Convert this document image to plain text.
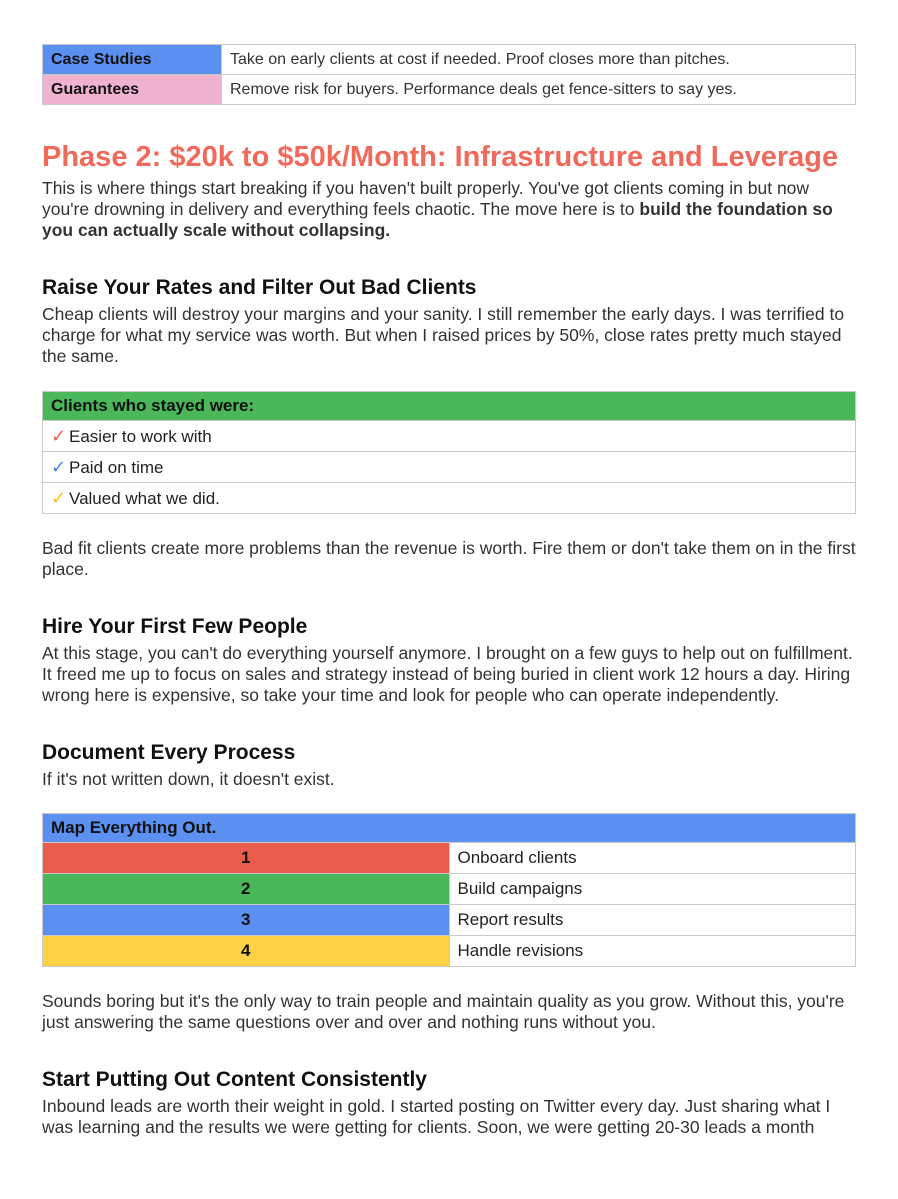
Case Studies	Take on early clients at cost if needed. Proof closes more than pitches.
Guarantees	Remove risk for buyers. Performance deals get fence-sitters to say yes.
Phase 2: $20k to $50k/Month: Infrastructure and Leverage

This is where things start breaking if you haven't built properly. You've got clients coming in but now you're drowning in delivery and everything feels chaotic. The move here is to build the foundation so you can actually scale without collapsing.

Raise Your Rates and Filter Out Bad Clients

Cheap clients will destroy your margins and your sanity. I still remember the early days. I was terrified to charge for what my service was worth. But when I raised prices by 50%, close rates pretty much stayed the same.

Clients who stayed were:
✓ Easier to work with
✓ Paid on time
✓ Valued what we did.

Bad fit clients create more problems than the revenue is worth. Fire them or don't take them on in the first place.

Hire Your First Few People

At this stage, you can't do everything yourself anymore. I brought on a few guys to help out on fulfillment. It freed me up to focus on sales and strategy instead of being buried in client work 12 hours a day. Hiring wrong here is expensive, so take your time and look for people who can operate independently.

Document Every Process

If it's not written down, it doesn't exist.

Map Everything Out.	
1	Onboard clients
2	Build campaigns
3	Report results
4	Handle revisions

Sounds boring but it's the only way to train people and maintain quality as you grow. Without this, you're just answering the same questions over and over and nothing runs without you.

Start Putting Out Content Consistently

Inbound leads are worth their weight in gold. I started posting on Twitter every day. Just sharing what I was learning and the results we were getting for clients. Soon, we were getting 20-30 leads a month
